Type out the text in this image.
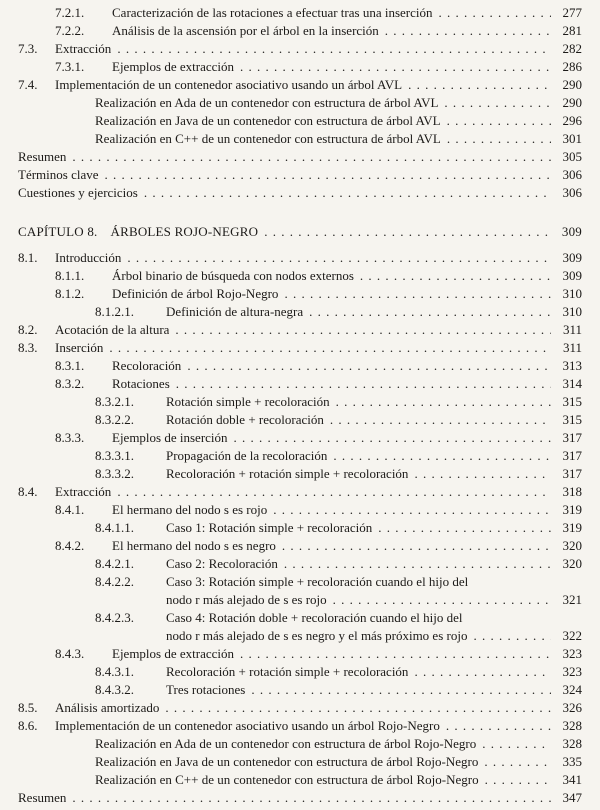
7.2.1.	Caracterización de las rotaciones a efectuar tras una inserción . . .	277
7.2.2.	Análisis de la ascensión por el árbol en la inserción . . .	281
7.3.	Extracción . . .	282
7.3.1.	Ejemplos de extracción . . .	286
7.4.	Implementación de un contenedor asociativo usando un árbol AVL . . .	290
Realización en Ada de un contenedor con estructura de árbol AVL . . .	290
Realización en Java de un contenedor con estructura de árbol AVL . . .	296
Realización en C++ de un contenedor con estructura de árbol AVL . . .	301
Resumen . . .	305
Términos clave . . .	306
Cuestiones y ejercicios . . .	306
CAPÍTULO 8.	ÁRBOLES ROJO-NEGRO . . .	309
8.1.	Introducción . . .	309
8.1.1.	Árbol binario de búsqueda con nodos externos . . .	309
8.1.2.	Definición de árbol Rojo-Negro . . .	310
8.1.2.1.	Definición de altura-negra . . .	310
8.2.	Acotación de la altura . . .	311
8.3.	Inserción . . .	311
8.3.1.	Recoloración . . .	313
8.3.2.	Rotaciones . . .	314
8.3.2.1.	Rotación simple + recoloración . . .	315
8.3.2.2.	Rotación doble + recoloración . . .	315
8.3.3.	Ejemplos de inserción . . .	317
8.3.3.1.	Propagación de la recoloración . . .	317
8.3.3.2.	Recoloración + rotación simple + recoloración . . .	317
8.4.	Extracción . . .	318
8.4.1.	El hermano del nodo s es rojo . . .	319
8.4.1.1.	Caso 1: Rotación simple + recoloración . . .	319
8.4.2.	El hermano del nodo s es negro . . .	320
8.4.2.1.	Caso 2: Recoloración . . .	320
8.4.2.2.	Caso 3: Rotación simple + recoloración cuando el hijo del
nodo r más alejado de s es rojo . . .	321
8.4.2.3.	Caso 4: Rotación doble + recoloración cuando el hijo del
nodo r más alejado de s es negro y el más próximo es rojo . . .	322
8.4.3.	Ejemplos de extracción . . .	323
8.4.3.1.	Recoloración + rotación simple + recoloración . . .	323
8.4.3.2.	Tres rotaciones . . .	324
8.5.	Análisis amortizado . . .	326
8.6.	Implementación de un contenedor asociativo usando un árbol Rojo-Negro . . .	328
Realización en Ada de un contenedor con estructura de árbol Rojo-Negro . . .	328
Realización en Java de un contenedor con estructura de árbol Rojo-Negro . . .	335
Realización en C++ de un contenedor con estructura de árbol Rojo-Negro . . .	341
Resumen . . .	347
